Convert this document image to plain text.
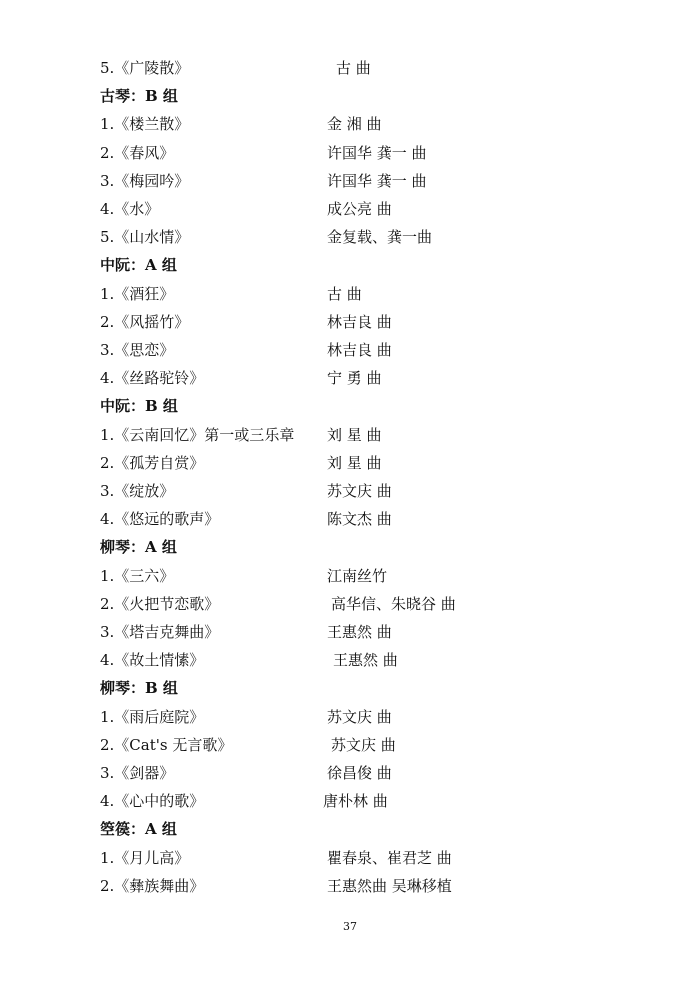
5.《广陵散》	古 曲
古琴：B 组
1.《楼兰散》	金 湘 曲
2.《春风》	许国华 龚一 曲
3.《梅园吟》	许国华 龚一 曲
4.《水》	成公亮 曲
5.《山水情》	金复载、龚一曲
中阮：A 组
1.《酒狂》	古 曲
2.《风摇竹》	林吉良 曲
3.《思恋》	林吉良 曲
4.《丝路驼铃》	宁 勇 曲
中阮：B 组
1.《云南回忆》第一或三乐章 刘 星 曲
2.《孤芳自赏》	刘 星 曲
3.《绽放》	苏文庆 曲
4.《悠远的歌声》	陈文杰 曲
柳琴：A 组
1.《三六》	江南丝竹
2.《火把节恋歌》	高华信、朱晓谷 曲
3.《塔吉克舞曲》	王惠然 曲
4.《故土情愫》	王惠然 曲
柳琴：B 组
1.《雨后庭院》	苏文庆 曲
2.《Cat's 无言歌》	苏文庆 曲
3.《剑器》	徐昌俊 曲
4.《心中的歌》	唐朴林 曲
箜篌：A 组
1.《月儿高》	瞿春泉、崔君芝 曲
2.《彝族舞曲》	王惠然曲 吴琳移植
37
